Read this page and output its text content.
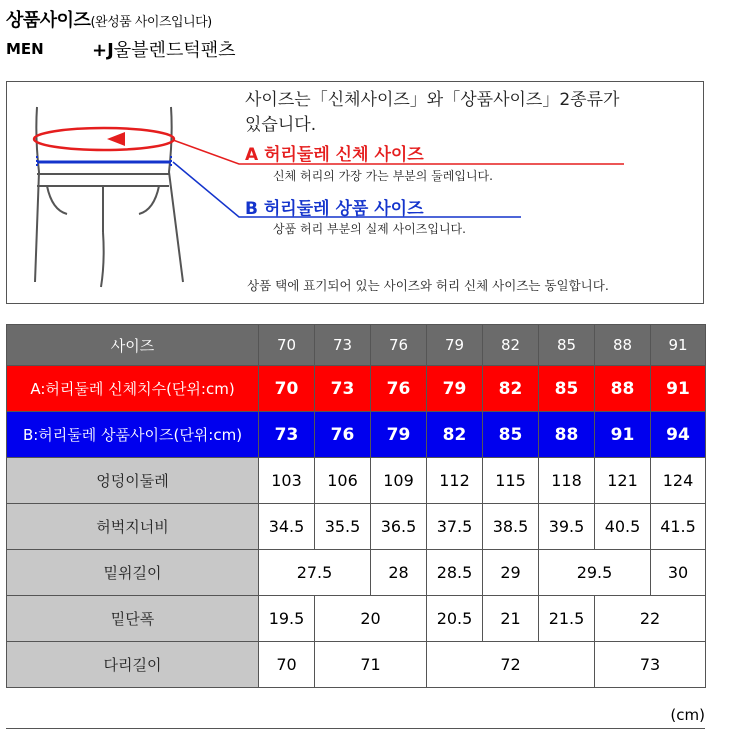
상품사이즈(완성품 사이즈입니다)
MEN	+J울블렌드턱팬츠
사이즈는「신체사이즈」와「상품사이즈」2종류가
있습니다.
A 허리둘레 신체 사이즈
신체 허리의 가장 가는 부분의 둘레입니다.
B 허리둘레 상품 사이즈
상품 허리 부분의 실제 사이즈입니다.
상품 택에 표기되어 있는 사이즈와 허리 신체 사이즈는 동일합니다.
사이즈	70	73	76	79	82	85	88	91
A:허리둘레 신체치수(단위:cm)	70	73	76	79	82	85	88	91
B:허리둘레 상품사이즈(단위:cm)	73	76	79	82	85	88	91	94
엉덩이둘레	103	106	109	112	115	118	121	124
허벅지너비	34.5	35.5	36.5	37.5	38.5	39.5	40.5	41.5
밑위길이	27.5		28	28.5	29	29.5		30
밑단폭	19.5	20		20.5	21	21.5	22	
다리길이	70	71		72			73	
(cm)
